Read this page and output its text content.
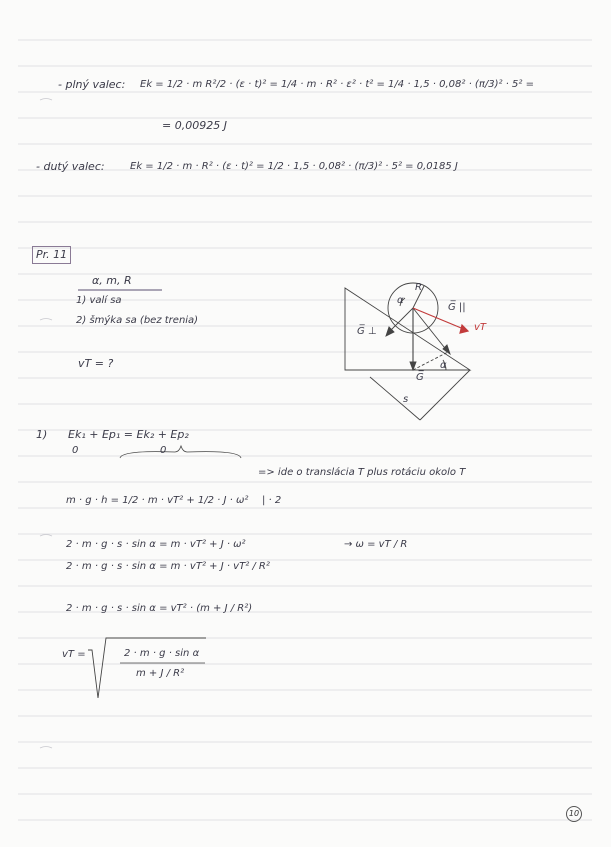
- plný valec: Ek = 1/2 · m R²/2 · (ε · t)² = 1/4 · m · R² · ε² · t² = 1/4 · 1,5 · 0,08² · (π/3)² · 5² =
= 0,00925 J
- dutý valec:	Ek = 1/2 · m · R² · (ε · t)² = 1/2 · 1,5 · 0,08² · (π/3)² · 5² = 0,0185 J
Pr. 11
α, m, R
1) valí sa
2) šmýka sa (bez trenia)
vT = ?
R
α
G̅ ||
G̅ ⊥
G̅
vT
α
s
1) Ek₁ + Ep₁ = Ek₂ + Ep₂
0	0
=> ide o translácia T plus rotáciu okolo T
m · g · h = 1/2 · m · vT² + 1/2 · J · ω² | · 2
2 · m · g · s · sin α = m · vT² + J · ω²	→ ω = vT / R
2 · m · g · s · sin α = m · vT² + J · vT² / R²
2 · m · g · s · sin α = vT² · (m + J / R²)
vT =	2 · m · g · sin α
m + J / R²
10
